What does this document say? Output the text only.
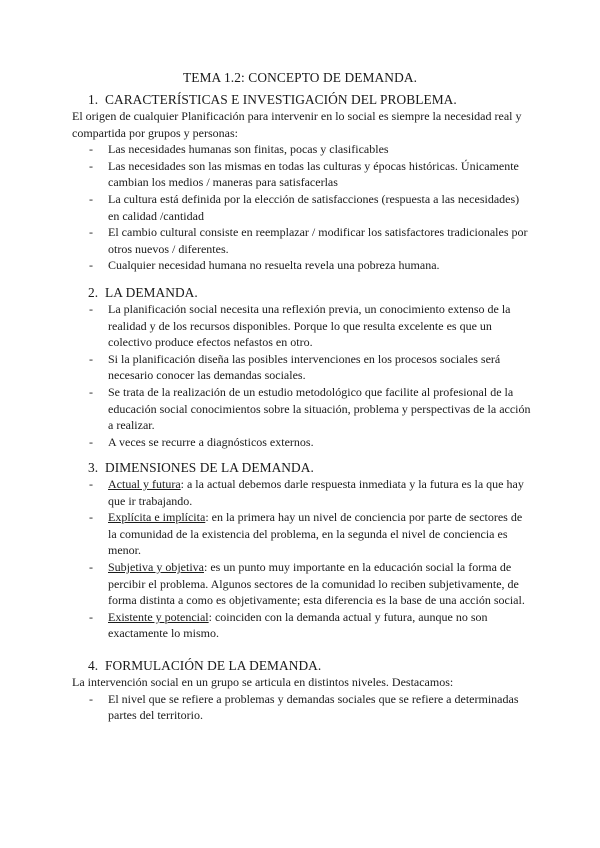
TEMA 1.2: CONCEPTO DE DEMANDA.
1. CARACTERÍSTICAS E INVESTIGACIÓN DEL PROBLEMA.
El origen de cualquier Planificación para intervenir en lo social es siempre la necesidad real y compartida por grupos y personas:
- Las necesidades humanas son finitas, pocas y clasificables
- Las necesidades son las mismas en todas las culturas y épocas históricas. Únicamente cambian los medios / maneras para satisfacerlas
- La cultura está definida por la elección de satisfacciones (respuesta a las necesidades) en calidad /cantidad
- El cambio cultural consiste en reemplazar / modificar los satisfactores tradicionales por otros nuevos / diferentes.
- Cualquier necesidad humana no resuelta revela una pobreza humana.
2. LA DEMANDA.
- La planificación social necesita una reflexión previa, un conocimiento extenso de la realidad y de los recursos disponibles. Porque lo que resulta excelente es que un colectivo produce efectos nefastos en otro.
- Si la planificación diseña las posibles intervenciones en los procesos sociales será necesario conocer las demandas sociales.
- Se trata de la realización de un estudio metodológico que facilite al profesional de la educación social conocimientos sobre la situación, problema y perspectivas de la acción a realizar.
- A veces se recurre a diagnósticos externos.
3. DIMENSIONES DE LA DEMANDA.
- Actual y futura: a la actual debemos darle respuesta inmediata y la futura es la que hay que ir trabajando.
- Explícita e implícita: en la primera hay un nivel de conciencia por parte de sectores de la comunidad de la existencia del problema, en la segunda el nivel de conciencia es menor.
- Subjetiva y objetiva: es un punto muy importante en la educación social la forma de percibir el problema. Algunos sectores de la comunidad lo reciben subjetivamente, de forma distinta a como es objetivamente; esta diferencia es la base de una acción social.
- Existente y potencial: coinciden con la demanda actual y futura, aunque no son exactamente lo mismo.
4. FORMULACIÓN DE LA DEMANDA.
La intervención social en un grupo se articula en distintos niveles. Destacamos:
- El nivel que se refiere a problemas y demandas sociales que se refiere a determinadas partes del territorio.
